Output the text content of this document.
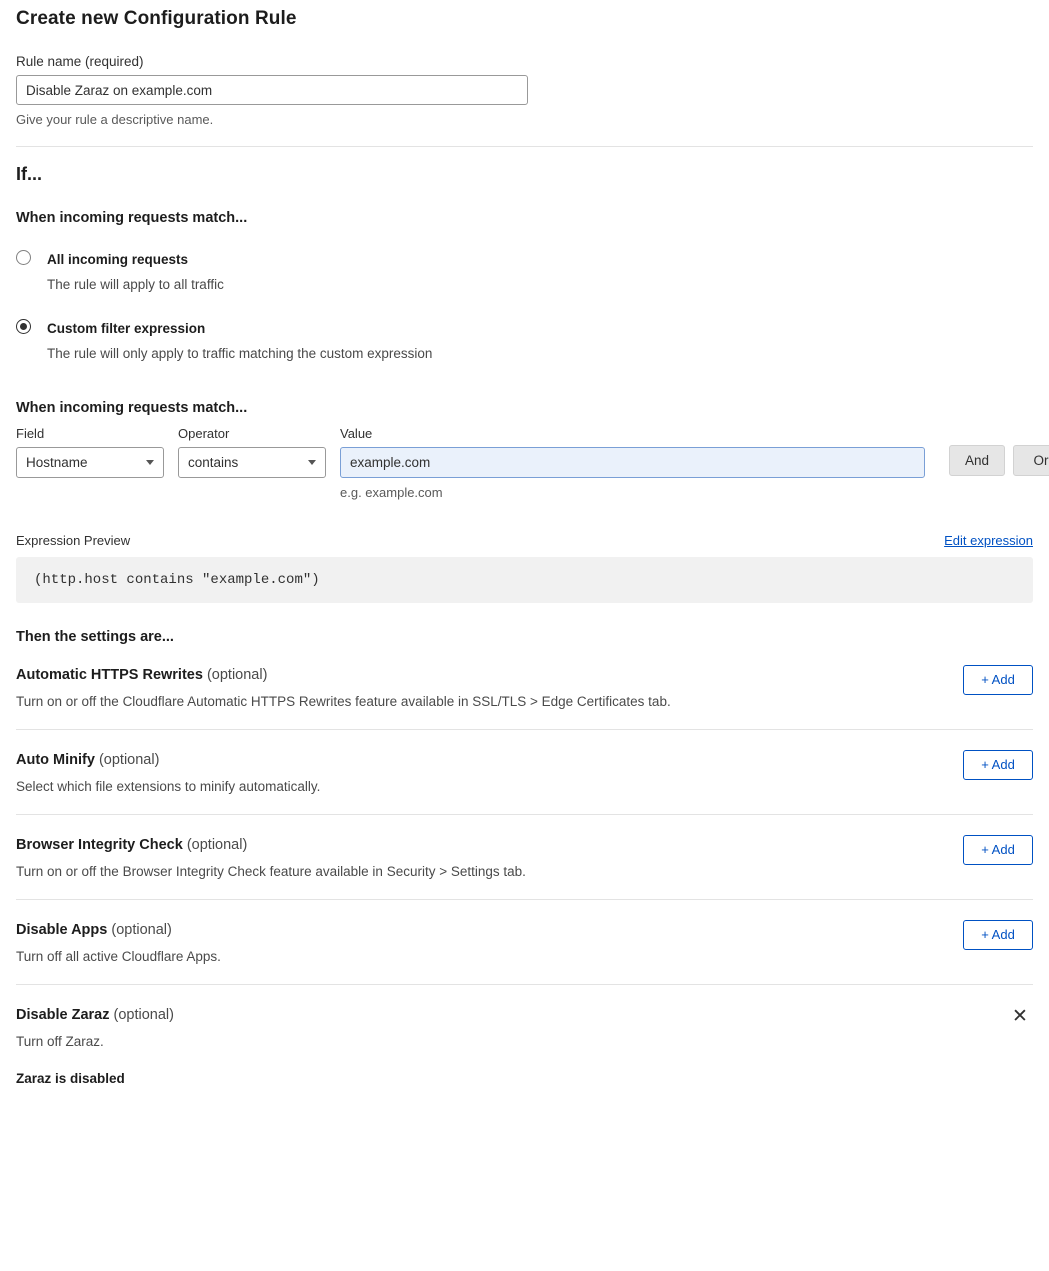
Create new Configuration Rule
Rule name (required)
Disable Zaraz on example.com
Give your rule a descriptive name.
If...
When incoming requests match...
All incoming requests
The rule will apply to all traffic
Custom filter expression
The rule will only apply to traffic matching the custom expression
When incoming requests match...
Field
Hostname
Operator
contains
Value
example.com
e.g. example.com
And	Or
Expression Preview	Edit expression
(http.host contains "example.com")
Then the settings are...
Automatic HTTPS Rewrites (optional)
Turn on or off the Cloudflare Automatic HTTPS Rewrites feature available in SSL/TLS > Edge Certificates tab.
+ Add
Auto Minify (optional)
Select which file extensions to minify automatically.
+ Add
Browser Integrity Check (optional)
Turn on or off the Browser Integrity Check feature available in Security > Settings tab.
+ Add
Disable Apps (optional)
Turn off all active Cloudflare Apps.
+ Add
Disable Zaraz (optional)
Turn off Zaraz.
✕
Zaraz is disabled
